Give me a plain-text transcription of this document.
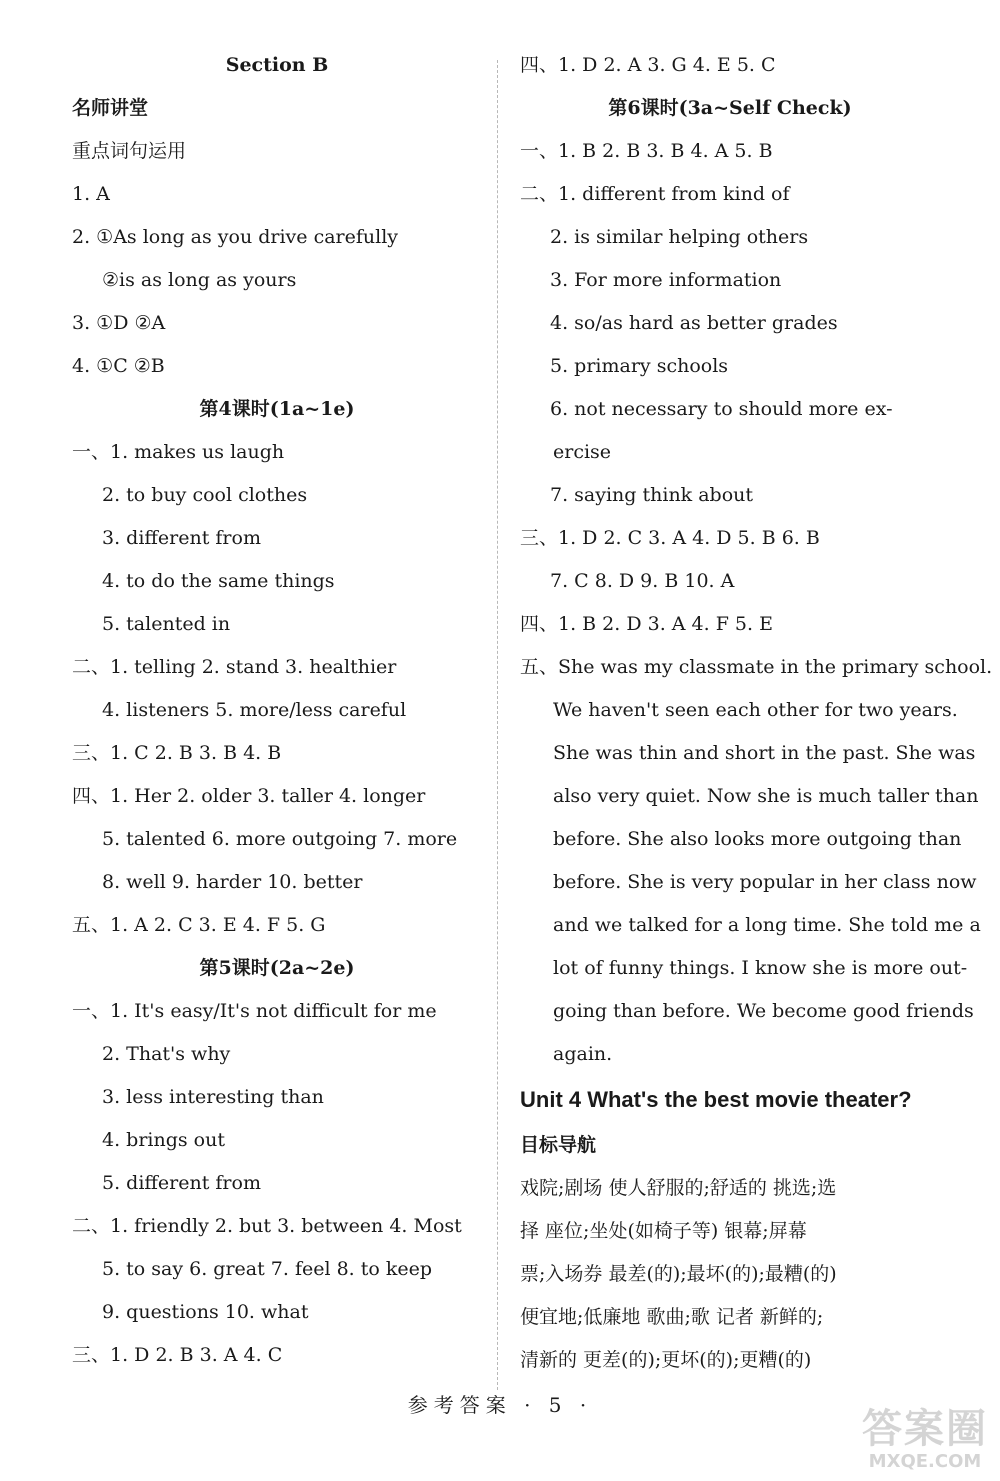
Section B
名师讲堂
重点词句运用
1. A
2. ①As long as you drive carefully
②is as long as yours
3. ①D ②A
4. ①C ②B
第4课时(1a~1e)
一、1. makes us laugh
2. to buy cool clothes
3. different from
4. to do the same things
5. talented in
二、1. telling 2. stand 3. healthier
4. listeners 5. more/less careful
三、1. C 2. B 3. B 4. B
四、1. Her 2. older 3. taller 4. longer
5. talented 6. more outgoing 7. more
8. well 9. harder 10. better
五、1. A 2. C 3. E 4. F 5. G
第5课时(2a~2e)
一、1. It's easy/It's not difficult for me
2. That's why
3. less interesting than
4. brings out
5. different from
二、1. friendly 2. but 3. between 4. Most
5. to say 6. great 7. feel 8. to keep
9. questions 10. what
三、1. D 2. B 3. A 4. C
四、1. D 2. A 3. G 4. E 5. C
第6课时(3a~Self Check)
一、1. B 2. B 3. B 4. A 5. B
二、1. different from kind of
2. is similar helping others
3. For more information
4. so/as hard as better grades
5. primary schools
6. not necessary to should more ex-
ercise
7. saying think about
三、1. D 2. C 3. A 4. D 5. B 6. B
7. C 8. D 9. B 10. A
四、1. B 2. D 3. A 4. F 5. E
五、She was my classmate in the primary school.
We haven't seen each other for two years.
She was thin and short in the past. She was
also very quiet. Now she is much taller than
before. She also looks more outgoing than
before. She is very popular in her class now
and we talked for a long time. She told me a
lot of funny things. I know she is more out-
going than before. We become good friends
again.
Unit 4 What's the best movie theater?
目标导航
戏院;剧场 使人舒服的;舒适的 挑选;选
择 座位;坐处(如椅子等) 银幕;屏幕
票;入场券 最差(的);最坏(的);最糟(的)
便宜地;低廉地 歌曲;歌 记者 新鲜的;
清新的 更差(的);更坏(的);更糟(的)
参考答案 · 5 ·
答案圈
MXQE.COM
